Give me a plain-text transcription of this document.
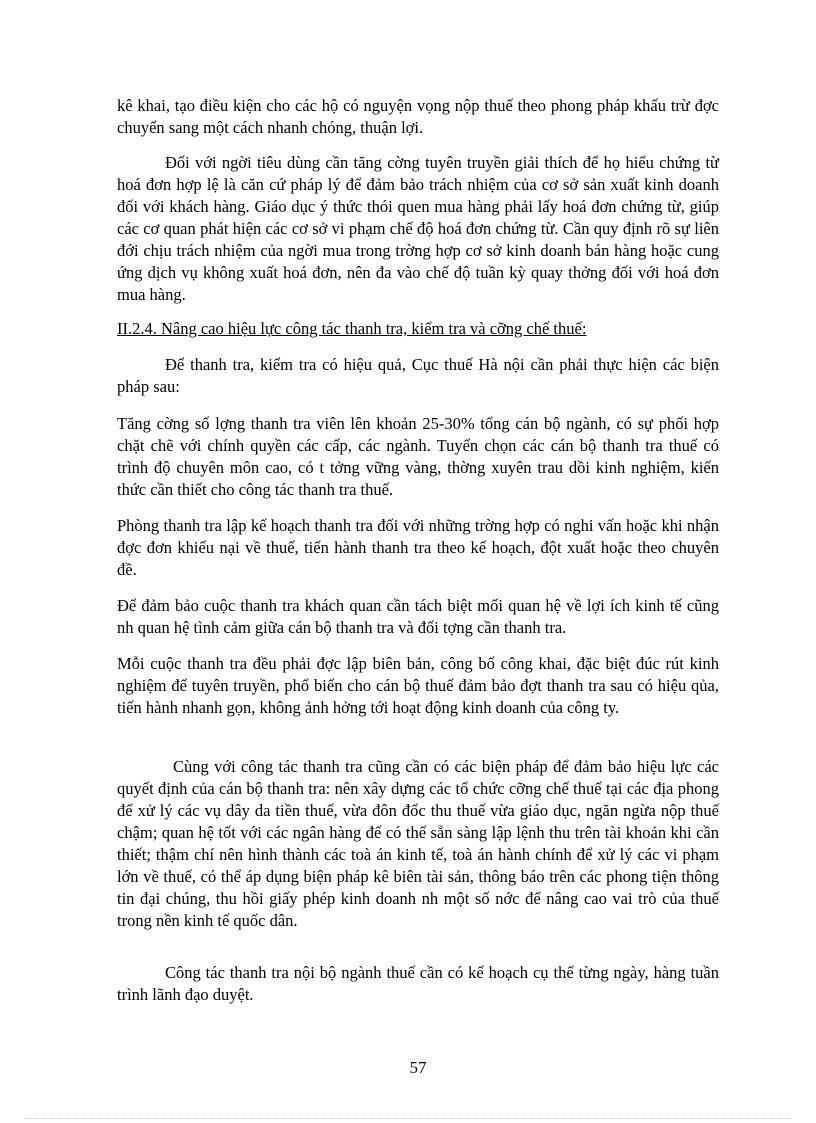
kê khai, tạo điều kiện cho các hộ có nguyện vọng nộp thuế theo phong pháp khấu trừ đợc chuyển sang một cách nhanh chóng, thuận lợi.

Đối với ngời tiêu dùng cần tăng cờng tuyên truyền giải thích để họ hiểu chứng từ hoá đơn hợp lệ là căn cứ pháp lý để đảm bảo trách nhiệm của cơ sở sản xuất kinh doanh đối với khách hàng. Giáo dục ý thức thói quen mua hàng phải lấy hoá đơn chứng từ, giúp các cơ quan phát hiện các cơ sở vi phạm chế độ hoá đơn chứng từ. Cần quy định rõ sự liên đới chịu trách nhiệm của ngời mua trong trờng hợp cơ sở kinh doanh bán hàng hoặc cung ứng dịch vụ không xuất hoá đơn, nên đa vào chế độ tuần kỳ quay thởng đối với hoá đơn mua hàng.

II.2.4. Nâng cao hiệu lực công tác thanh tra, kiểm tra và cỡng chế thuế:

Để thanh tra, kiểm tra có hiệu quả, Cục thuế Hà nội cần phải thực hiện các biện pháp sau:

Tăng cờng số lợng thanh tra viên lên khoản 25-30% tổng cán bộ ngành, có sự phối hợp chặt chẽ với chính quyền các cấp, các ngành. Tuyển chọn các cán bộ thanh tra thuế có trình độ chuyên môn cao, có t tởng vững vàng, thờng xuyên trau dồi kinh nghiệm, kiến thức cần thiết cho công tác thanh tra thuế.

Phòng thanh tra lập kế hoạch thanh tra đối với những trờng hợp có nghi vấn hoặc khi nhận đợc đơn khiếu nại về thuế, tiến hành thanh tra theo kế hoạch, đột xuất hoặc theo chuyên đề.

Để đảm bảo cuộc thanh tra khách quan cần tách biệt mối quan hệ về lợi ích kinh tế cũng nh quan hệ tình cảm giữa cán bộ thanh tra và đối tợng cần thanh tra.

Mỗi cuộc thanh tra đều phải đợc lập biên bản, công bố công khai, đặc biệt đúc rút kinh nghiệm để tuyên truyền, phổ biến cho cán bộ thuế đảm bảo đợt thanh tra sau có hiệu qủa, tiến hành nhanh gọn, không ảnh hởng tới hoạt động kinh doanh của công ty.

Cùng với công tác thanh tra cũng cần có các biện pháp để đảm bảo hiệu lực các quyết định của cán bộ thanh tra: nên xây dựng các tổ chức cỡng chế thuế tại các địa phong để xử lý các vụ dây da tiền thuế, vừa đôn đốc thu thuế vừa giáo dục, ngăn ngừa nộp thuế chậm; quan hệ tốt với các ngân hàng để có thể sẵn sàng lập lệnh thu trên tài khoản khi cần thiết; thậm chí nên hình thành các toà án kinh tế, toà án hành chính để xử lý các vi phạm lớn về thuế, có thể áp dụng biện pháp kê biên tài sản, thông báo trên các phong tiện thông tin đại chúng, thu hồi giấy phép kinh doanh nh một số nớc để nâng cao vai trò của thuế trong nền kinh tế quốc dân.

Công tác thanh tra nội bộ ngành thuế cần có kế hoạch cụ thể từng ngày, hàng tuần trình lãnh đạo duyệt.

57
